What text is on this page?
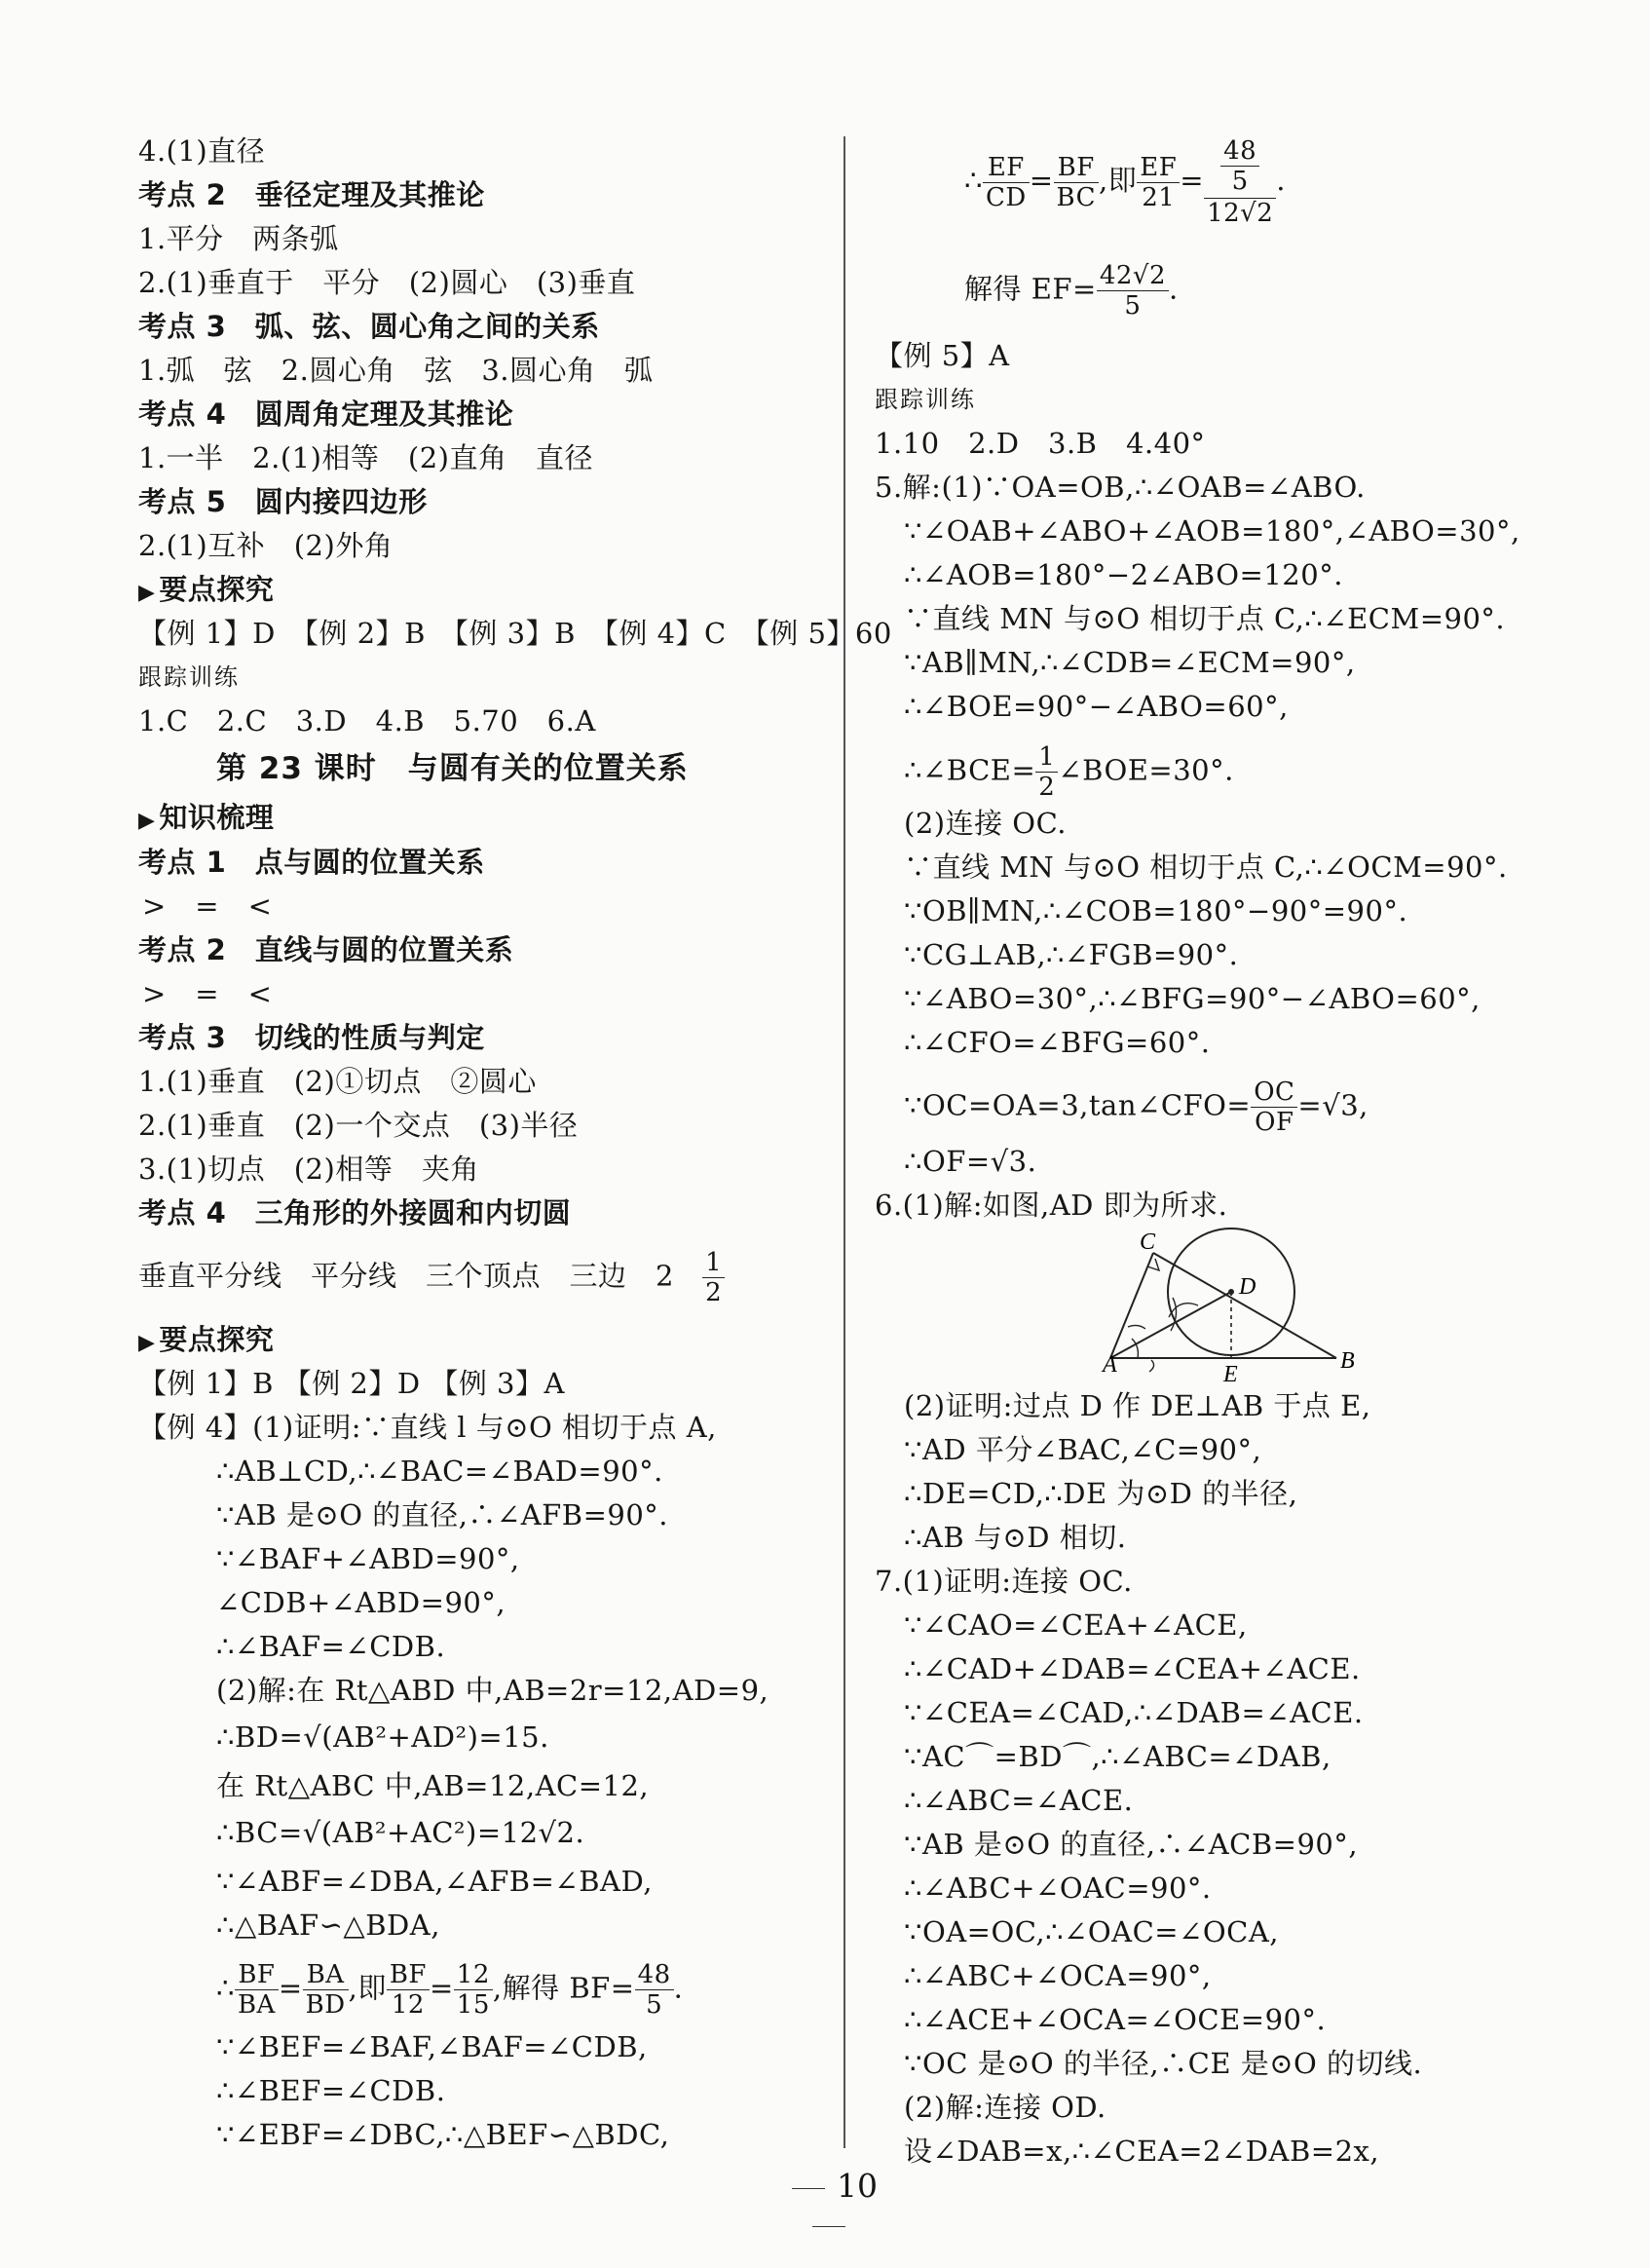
4.(1)直径
考点 2　垂径定理及其推论
1.平分　两条弧
2.(1)垂直于　平分　(2)圆心　(3)垂直
考点 3　弧、弦、圆心角之间的关系
1.弧　弦　2.圆心角　弦　3.圆心角　弧
考点 4　圆周角定理及其推论
1.一半　2.(1)相等　(2)直角　直径
考点 5　圆内接四边形
2.(1)互补　(2)外角
▶ 要点探究
【例 1】D　【例 2】B　【例 3】B　【例 4】C　【例 5】60
跟踪训练
1.C　2.C　3.D　4.B　5.70　6.A
第 23 课时　与圆有关的位置关系
▶ 知识梳理
考点 1　点与圆的位置关系
>　=　<
考点 2　直线与圆的位置关系
>　=　<
考点 3　切线的性质与判定
1.(1)垂直　(2)①切点　②圆心
2.(1)垂直　(2)一个交点　(3)半径
3.(1)切点　(2)相等　夹角
考点 4　三角形的外接圆和内切圆
垂直平分线　平分线　三个顶点　三边　$2 \frac{1}{2}$
▶ 要点探究
【例 1】B 【例 2】D 【例 3】A
【例 4】(1)证明:∵直线 l 与⊙O 相切于点 A,
∴AB⊥CD,∴∠BAC=∠BAD=90°.
∵AB 是⊙O 的直径,∴∠AFB=90°.
∵∠BAF+∠ABD=90°,
∠CDB+∠ABD=90°,
∴∠BAF=∠CDB.
(2)解:在 Rt△ABD 中,AB=2r=12,AD=9,
∴BD=√(AB²+AD²)=15.
在 Rt△ABC 中,AB=12,AC=12,
∴BC=√(AB²+AC²)=12√2.
∵∠ABF=∠DBA,∠AFB=∠BAD,
∴△BAF∽△BDA,
∴ $\frac{BF}{BA} = \frac{BA}{BD}$ ,即 $\frac{BF}{12} = \frac{12}{15}$ ,解得 $BF= \frac{48}{5}$ .
∵∠BEF=∠BAF,∠BAF=∠CDB,
∴∠BEF=∠CDB.
∵∠EBF=∠DBC,∴△BEF∽△BDC,
∴ $\frac{EF}{CD} = \frac{BF}{BC}$ ,即 $\frac{EF}{21} = \frac{\frac{48}{5}}{12√2}$ .
解得 $EF= \frac{42√2}{5}$ .
【例 5】A
跟踪训练
1.10　2.D　3.B　4.40°
5.解:(1)∵OA=OB,∴∠OAB=∠ABO.
∵∠OAB+∠ABO+∠AOB=180°,∠ABO=30°,
∴∠AOB=180°−2∠ABO=120°.
∵直线 MN 与⊙O 相切于点 C,∴∠ECM=90°.
∵AB∥MN,∴∠CDB=∠ECM=90°,
∴∠BOE=90°−∠ABO=60°,
∴∠BCE= $\frac{1}{2}$ ∠BOE=30°.
(2)连接 OC.
∵直线 MN 与⊙O 相切于点 C,∴∠OCM=90°.
∵OB∥MN,∴∠COB=180°−90°=90°.
∵CG⊥AB,∴∠FGB=90°.
∵∠ABO=30°,∴∠BFG=90°−∠ABO=60°,
∴∠CFO=∠BFG=60°.
∵OC=OA=3,tan∠CFO= $\frac{OC}{OF} =√3$,
∴OF=√3.
6.(1)解:如图,AD 即为所求.
(2)证明:过点 D 作 DE⊥AB 于点 E,
∵AD 平分∠BAC,∠C=90°,
∴DE=CD,∴DE 为⊙D 的半径,
∴AB 与⊙D 相切.
7.(1)证明:连接 OC.
∵∠CAO=∠CEA+∠ACE,
∴∠CAD+∠DAB=∠CEA+∠ACE.
∵∠CEA=∠CAD,∴∠DAB=∠ACE.
∵AC⌒=BD⌒,∴∠ABC=∠DAB,
∴∠ABC=∠ACE.
∵AB 是⊙O 的直径,∴∠ACB=90°,
∴∠ABC+∠OAC=90°.
∵OA=OC,∴∠OAC=∠OCA,
∴∠ABC+∠OCA=90°,
∴∠ACE+∠OCA=∠OCE=90°.
∵OC 是⊙O 的半径,∴CE 是⊙O 的切线.
(2)解:连接 OD.
设∠DAB=x,∴∠CEA=2∠DAB=2x,
C
D
A	E
B
10
